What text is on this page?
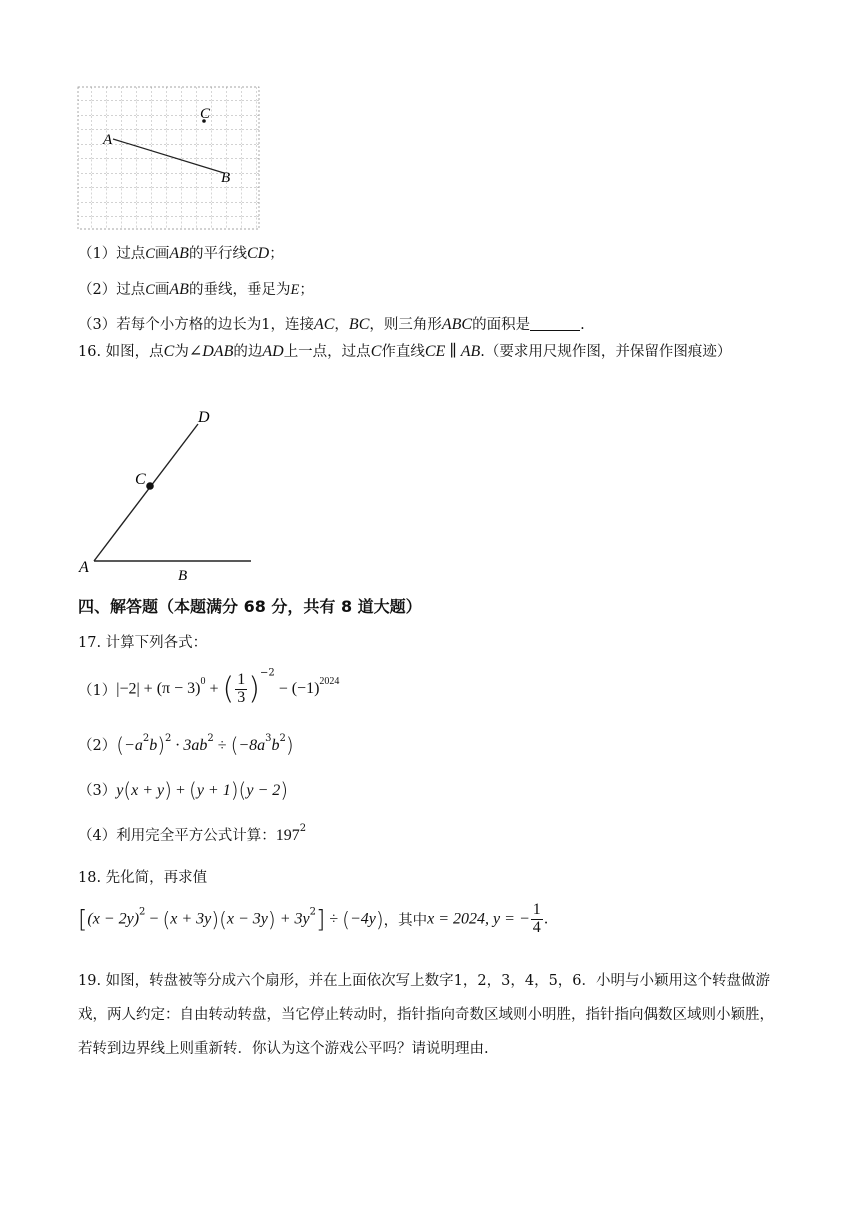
A
B
C
（1）过点C画AB的平行线CD；
（2）过点C画AB的垂线，垂足为E；
（3）若每个小方格的边长为1，连接AC，BC，则三角形ABC的面积是	.

16. 如图，点C为∠DAB的边AD上一点，过点C作直线CE ∥ AB.（要求用尺规作图，并保留作图痕迹）

D
C
A	B
四、解答题（本题满分 68 分，共有 8 道大题）
17. 计算下列各式：
$(1)|-2| + (\pi - 3)^0$ + ( $\frac{1}{3} )^{-2} - (-1)^{2024}$
$(2)(-a^2b)^2 \cdot 3ab^2 \div (-8a^3b^2)$
（3）y(x + y) + (y + 1)(y − 2)
（4）利用完全平方公式计算：$197^2$
18. 先化简，再求值
$[(x - 2y)^2 - (x + 3y)(x - 3y) + 3y^2] \div (-4y)$，其中x = 2024, y = − $\frac{1}{4}$ .

19. 如图，转盘被等分成六个扇形，并在上面依次写上数字1，2，3，4，5，6．小明与小颖用这个转盘做游戏，两人约定：自由转动转盘，当它停止转动时，指针指向奇数区域则小明胜，指针指向偶数区域则小颖胜，若转到边界线上则重新转．你认为这个游戏公平吗？请说明理由.
